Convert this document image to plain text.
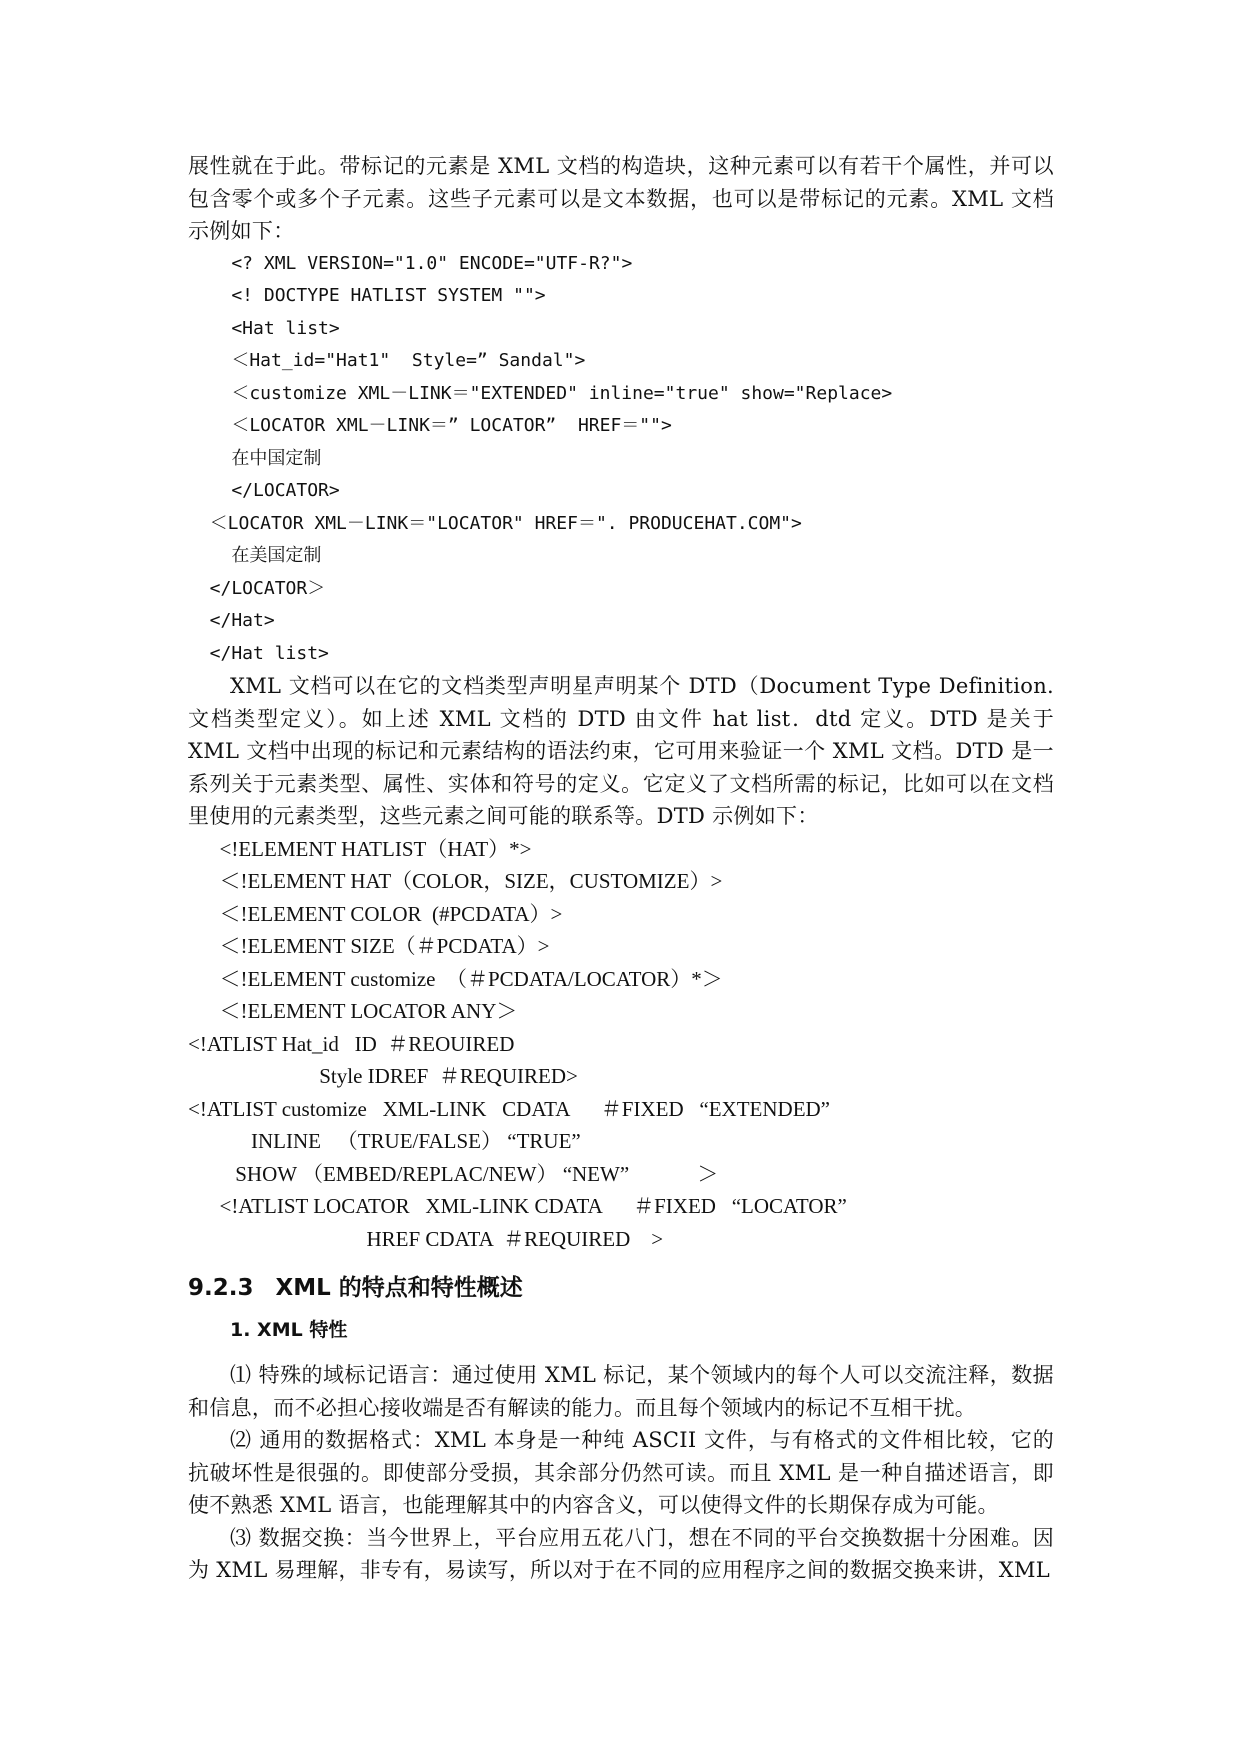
展性就在于此。带标记的元素是 XML 文档的构造块，这种元素可以有若干个属性，并可以包含零个或多个子元素。这些子元素可以是文本数据，也可以是带标记的元素。XML 文档示例如下：
<? XML VERSION="1.0" ENCODE="UTF-R?">
<! DOCTYPE HATLIST SYSTEM "">
<Hat list>
＜Hat_id="Hat1"  Style=” Sandal">
＜customize XML－LINK＝"EXTENDED" inline="true" show="Replace>
＜LOCATOR XML－LINK＝” LOCATOR”  HREF＝"">
在中国定制
</LOCATOR>
＜LOCATOR XML－LINK＝"LOCATOR" HREF＝". PRODUCEHAT.COM">
在美国定制
</LOCATOR＞
</Hat>
</Hat list>
XML 文档可以在它的文档类型声明星声明某个 DTD（Document Type Definition.文档类型定义）。如上述 XML 文档的 DTD 由文件 hat list．dtd 定义。DTD 是关于 XML 文档中出现的标记和元素结构的语法约束，它可用来验证一个 XML 文档。DTD 是一系列关于元素类型、属性、实体和符号的定义。它定义了文档所需的标记，比如可以在文档里使用的元素类型，这些元素之间可能的联系等。DTD 示例如下：
<!ELEMENT HATLIST（HAT）*>
＜!ELEMENT HAT（COLOR，SIZE，CUSTOMIZE）>
＜!ELEMENT COLOR  (#PCDATA）>
＜!ELEMENT SIZE（＃PCDATA）>
＜!ELEMENT customize  （＃PCDATA/LOCATOR）*＞
＜!ELEMENT LOCATOR ANY＞
<!ATLIST Hat_id   ID  ＃REOUIRED
Style IDREF  ＃REQUIRED>
<!ATLIST customize   XML-LINK   CDATA      ＃FIXED   “EXTENDED”
INLINE   （TRUE/FALSE） “TRUE”
SHOW （EMBED/REPLAC/NEW） “NEW”             ＞
<!ATLIST LOCATOR   XML-LINK CDATA      ＃FIXED   “LOCATOR”
HREF CDATA  ＃REQUIRED    >
9.2.3 XML 的特点和特性概述
1. XML 特性
⑴ 特殊的域标记语言：通过使用 XML 标记，某个领域内的每个人可以交流注释，数据和信息，而不必担心接收端是否有解读的能力。而且每个领域内的标记不互相干扰。
⑵ 通用的数据格式：XML 本身是一种纯 ASCII 文件，与有格式的文件相比较，它的抗破坏性是很强的。即使部分受损，其余部分仍然可读。而且 XML 是一种自描述语言，即使不熟悉 XML 语言，也能理解其中的内容含义，可以使得文件的长期保存成为可能。
⑶ 数据交换：当今世界上，平台应用五花八门，想在不同的平台交换数据十分困难。因为 XML 易理解，非专有，易读写，所以对于在不同的应用程序之间的数据交换来讲，XML
